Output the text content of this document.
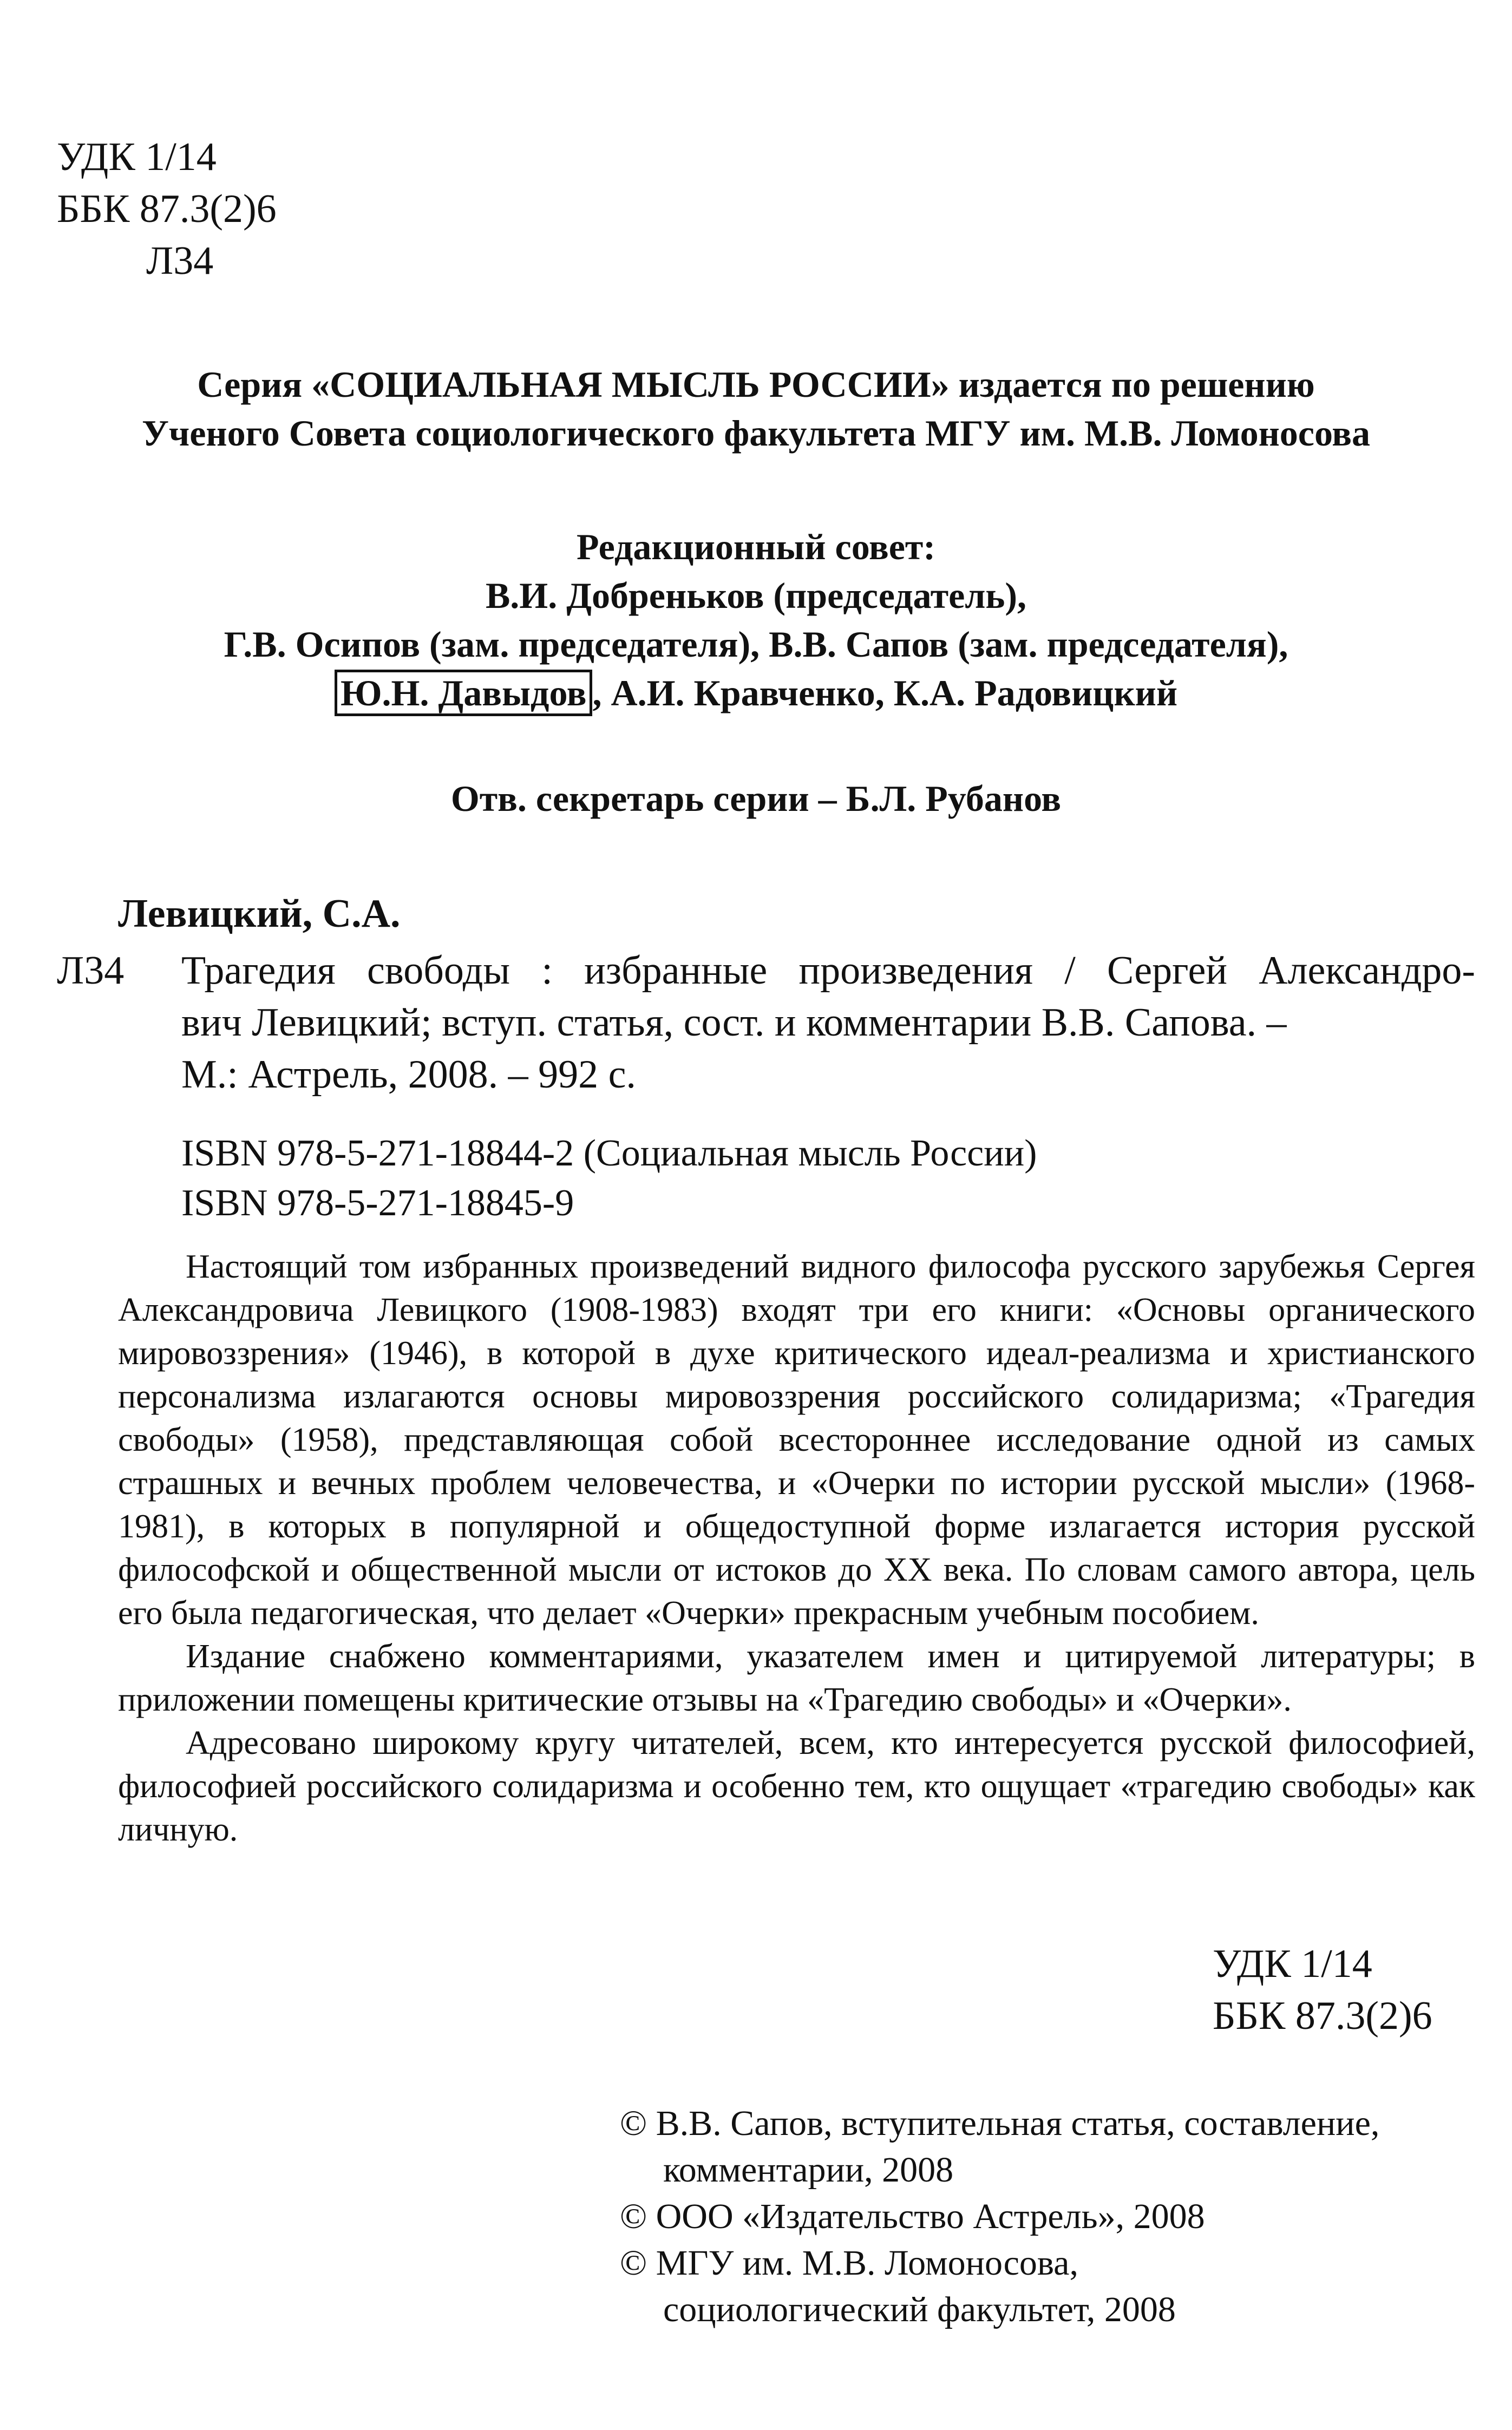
УДК 1/14
ББК 87.3(2)6
Л34
Серия «СОЦИАЛЬНАЯ МЫСЛЬ РОССИИ» издается по решению
Ученого Совета социологического факультета МГУ им. М.В. Ломоносова
Редакционный совет:
В.И. Добреньков (председатель),
Г.В. Осипов (зам. председателя), В.В. Сапов (зам. председателя),
Ю.Н. Давыдов , А.И. Кравченко, К.А. Радовицкий
Отв. секретарь серии – Б.Л. Рубанов
Левицкий, С.А.
Л34 Трагедия свободы : избранные произведения / Сергей Александро-
вич Левицкий; вступ. статья, сост. и комментарии В.В. Сапова. –
М.: Астрель, 2008. – 992 с.
ISBN 978-5-271-18844-2 (Социальная мысль России)
ISBN 978-5-271-18845-9

Настоящий том избранных произведений видного философа русского зарубежья Сергея Александровича Левицкого (1908-1983) входят три его книги: «Основы органического мировоззрения» (1946), в которой в духе критического идеал-реализма и христианского персонализма излагаются основы мировоззрения российского солидаризма; «Трагедия свободы» (1958), представляющая собой всестороннее исследование одной из самых страшных и вечных проблем человечества, и «Очерки по истории русской мысли» (1968-1981), в которых в популярной и общедоступной форме излагается история русской философской и общественной мысли от истоков до XX века. По словам самого автора, цель его была педагогическая, что делает «Очерки» прекрасным учебным пособием.

Издание снабжено комментариями, указателем имен и цитируемой литературы; в приложении помещены критические отзывы на «Трагедию свободы» и «Очерки».

Адресовано широкому кругу читателей, всем, кто интересуется русской философией, философией российского солидаризма и особенно тем, кто ощущает «трагедию свободы» как личную.

УДК 1/14
ББК 87.3(2)6
© В.В. Сапов, вступительная статья, составление,
комментарии, 2008
© ООО «Издательство Астрель», 2008
© МГУ им. М.В. Ломоносова,
социологический факультет, 2008
